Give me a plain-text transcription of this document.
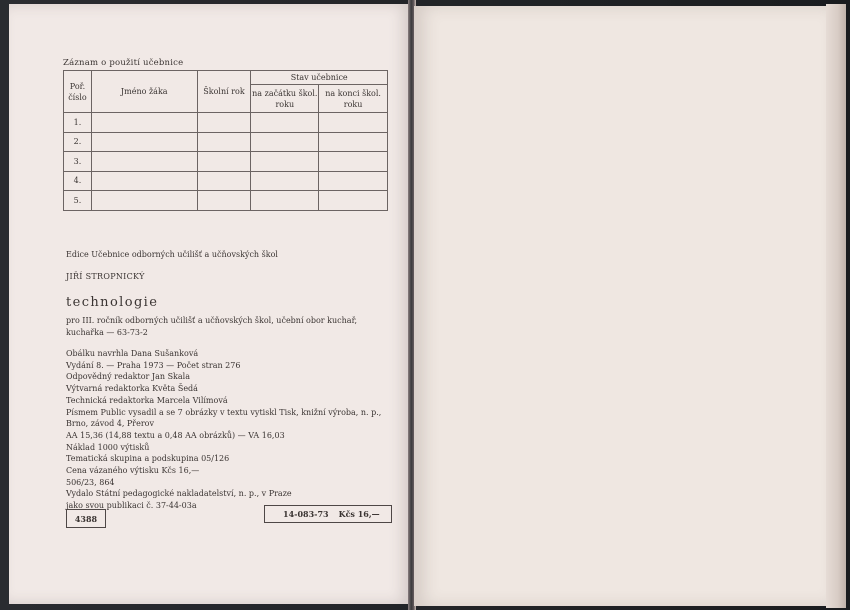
Záznam o použití učebnice
Poř. číslo	Jméno žáka	Školní rok	Stav učebnice	
			na začátku škol. roku	na konci škol. roku
1.				
2.				
3.				
4.				
5.				
Edice Učebnice odborných učilišť a učňovských škol
JIŘÍ STROPNICKÝ
technologie
pro III. ročník odborných učilišť a učňovských škol, učební obor kuchař, kuchařka — 63-73-2
Obálku navrhla Dana Sušanková
Vydání 8. — Praha 1973 — Počet stran 276
Odpovědný redaktor Jan Skala
Výtvarná redaktorka Květa Šedá
Technická redaktorka Marcela Vilímová
Písmem Public vysadil a se 7 obrázky v textu vytiskl Tisk, knižní výroba, n. p.,
Brno, závod 4, Přerov
AA 15,36 (14,88 textu a 0,48 AA obrázků) — VA 16,03
Náklad 1000 výtisků
Tematická skupina a podskupina 05/126
Cena vázaného výtisku Kčs 16,—
506/23, 864
Vydalo Státní pedagogické nakladatelství, n. p., v Praze
jako svou publikaci č. 37-44-03a
4388	14-083-73 Kčs 16,—
